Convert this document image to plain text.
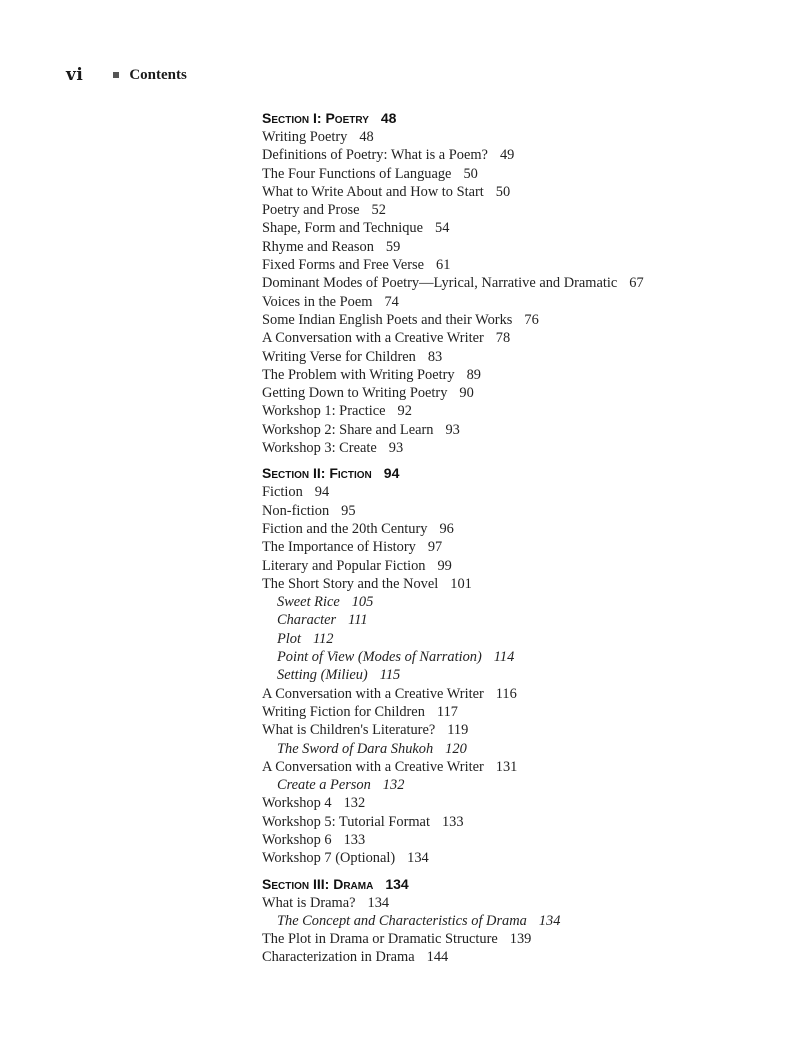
vi	Contents
Section I: Poetry 48
Writing Poetry 48
Definitions of Poetry: What is a Poem? 49
The Four Functions of Language 50
What to Write About and How to Start 50
Poetry and Prose 52
Shape, Form and Technique 54
Rhyme and Reason 59
Fixed Forms and Free Verse 61
Dominant Modes of Poetry—Lyrical, Narrative and Dramatic 67
Voices in the Poem 74
Some Indian English Poets and their Works 76
A Conversation with a Creative Writer 78
Writing Verse for Children 83
The Problem with Writing Poetry 89
Getting Down to Writing Poetry 90
Workshop 1: Practice 92
Workshop 2: Share and Learn 93
Workshop 3: Create 93
Section II: Fiction 94
Fiction 94
Non-fiction 95
Fiction and the 20th Century 96
The Importance of History 97
Literary and Popular Fiction 99
The Short Story and the Novel 101
Sweet Rice 105
Character 111
Plot 112
Point of View (Modes of Narration) 114
Setting (Milieu) 115
A Conversation with a Creative Writer 116
Writing Fiction for Children 117
What is Children's Literature? 119
The Sword of Dara Shukoh 120
A Conversation with a Creative Writer 131
Create a Person 132
Workshop 4 132
Workshop 5: Tutorial Format 133
Workshop 6 133
Workshop 7 (Optional) 134
Section III: Drama 134
What is Drama? 134
The Concept and Characteristics of Drama 134
The Plot in Drama or Dramatic Structure 139
Characterization in Drama 144
